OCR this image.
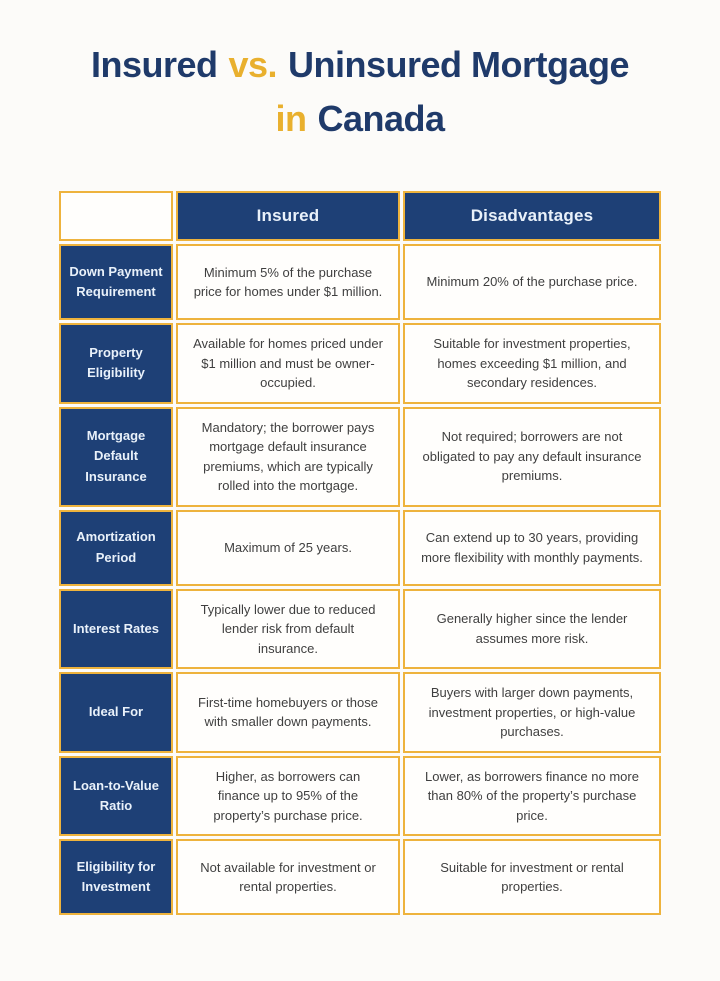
Insured vs. Uninsured Mortgage
in Canada
	Insured	Disadvantages
Down Payment Requirement	Minimum 5% of the purchase price for homes under $1 million.	Minimum 20% of the purchase price.
Property Eligibility	Available for homes priced under $1 million and must be owner-occupied.	Suitable for investment properties, homes exceeding $1 million, and secondary residences.
Mortgage Default Insurance	Mandatory; the borrower pays mortgage default insurance premiums, which are typically rolled into the mortgage.	Not required; borrowers are not obligated to pay any default insurance premiums.
Amortization Period	Maximum of 25 years.	Can extend up to 30 years, providing more flexibility with monthly payments.
Interest Rates	Typically lower due to reduced lender risk from default insurance.	Generally higher since the lender assumes more risk.
Ideal For	First-time homebuyers or those with smaller down payments.	Buyers with larger down payments, investment properties, or high-value purchases.
Loan-to-Value Ratio	Higher, as borrowers can finance up to 95% of the property’s purchase price.	Lower, as borrowers finance no more than 80% of the property’s purchase price.
Eligibility for Investment	Not available for investment or rental properties.	Suitable for investment or rental properties.
